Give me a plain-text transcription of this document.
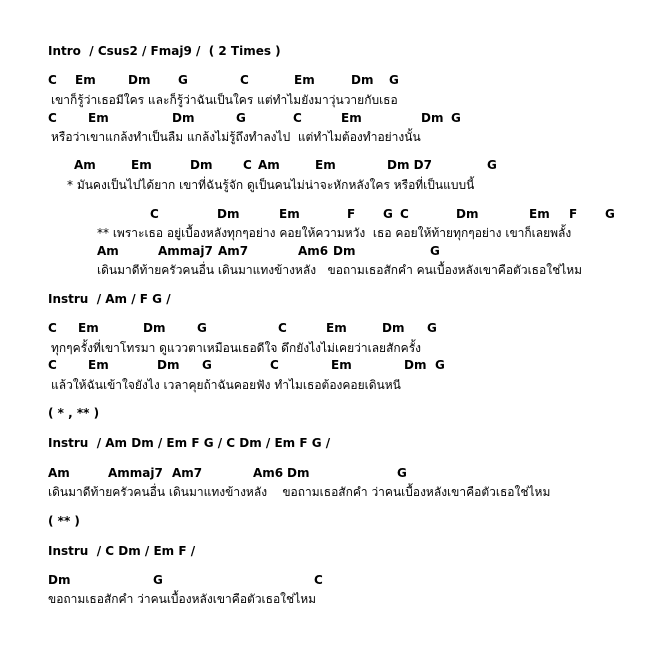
Intro  / Csus2 / Fmaj9 /  ( 2 Times )
C Em	Dm G	C	Em	Dm G
เขาก็รู้ว่าเธอมีใคร และก็รู้ว่าฉันเป็นใคร แต่ทำไมยังมาวุ่นวายกับเธอ
C	Em	Dm	G	C	Em	Dm G
หรือว่าเขาแกล้งทำเป็นลืม แกล้งไม่รู้ถึงทำลงไป  แต่ทำไมต้องทำอย่างนั้น
Am	Em	Dm	C Am	Em	Dm D7	G
* มันคงเป็นไปได้ยาก เขาที่ฉันรู้จัก ดูเป็นคนไม่น่าจะหักหลังใคร หรือที่เป็นแบบนี้
C	Dm	Em	F G C	Dm	Em F G
** เพราะเธอ อยู่เบื้องหลังทุกๆอย่าง คอยให้ความหวัง  เธอ คอยให้ท้ายทุกๆอย่าง เขาก็เลยพลั้ง
Am	Ammaj7 Am7	Am6 Dm	G
เดินมาดีท้ายครัวคนอื่น เดินมาแทงข้างหลัง   ขอถามเธอสักคำ คนเบื้องหลังเขาคือตัวเธอใช่ไหม
Instru  / Am / F G /
C Em	Dm	G	C	Em	Dm G
ทุกๆครั้งที่เขาโทรมา ดูแววตาเหมือนเธอดีใจ ดึกยังไงไม่เคยว่าเลยสักครั้ง
C	Em	Dm G	C	Em	Dm G
แล้วให้ฉันเข้าใจยังไง เวลาคุยถ้าฉันคอยฟัง ทำไมเธอต้องคอยเดินหนี
( * , ** )
Instru  / Am Dm / Em F G / C Dm / Em F G /
Am	Ammaj7 Am7	Am6 Dm	G
เดินมาดีท้ายครัวคนอื่น เดินมาแทงข้างหลัง    ขอถามเธอสักคำ ว่าคนเบื้องหลังเขาคือตัวเธอใช่ไหม
( ** )
Instru  / C Dm / Em F /
Dm	G	C
ขอถามเธอสักคำ ว่าคนเบื้องหลังเขาคือตัวเธอใช่ไหม
